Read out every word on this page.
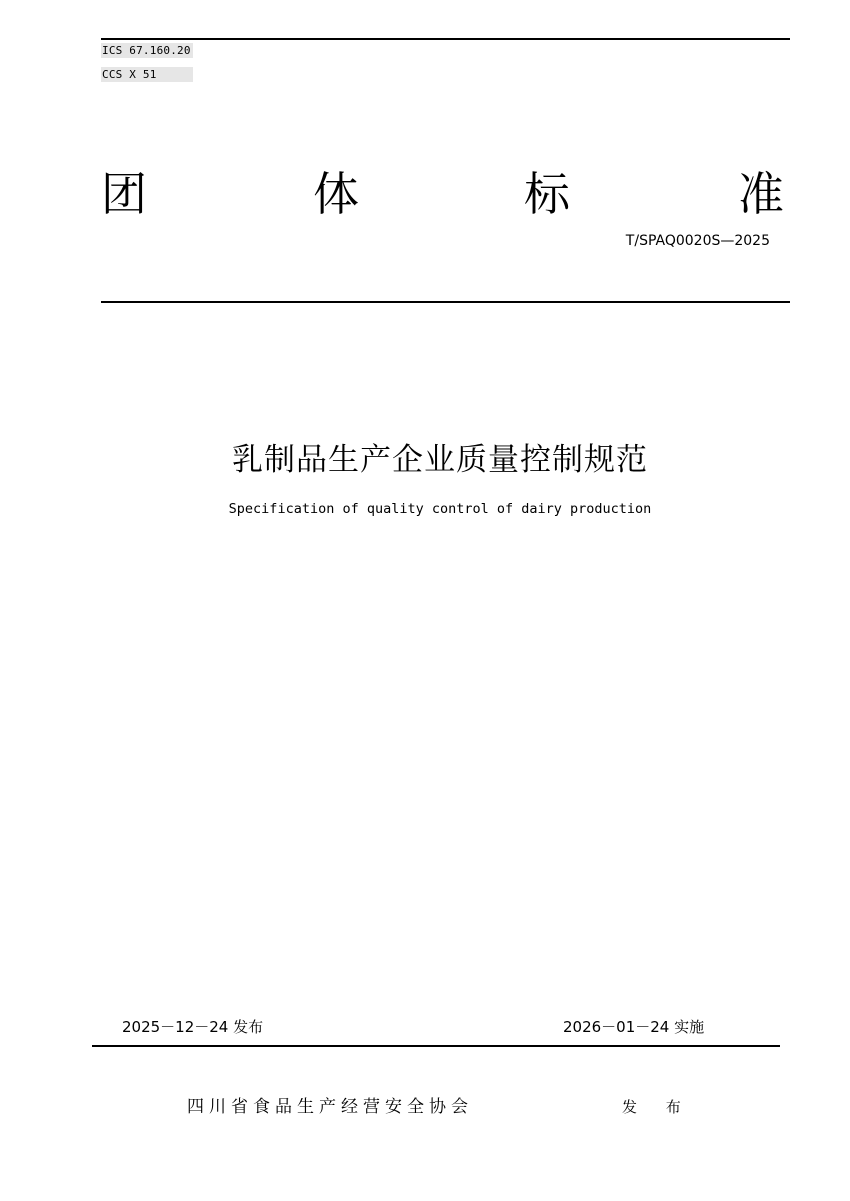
ICS 67.160.20
CCS X 51
团	体	标	准
T/SPAQ0020S—2025
乳制品生产企业质量控制规范
Specification of quality control of dairy production
2025－12－24 发布	2026－01－24 实施
四川省食品生产经营安全协会	发 布
